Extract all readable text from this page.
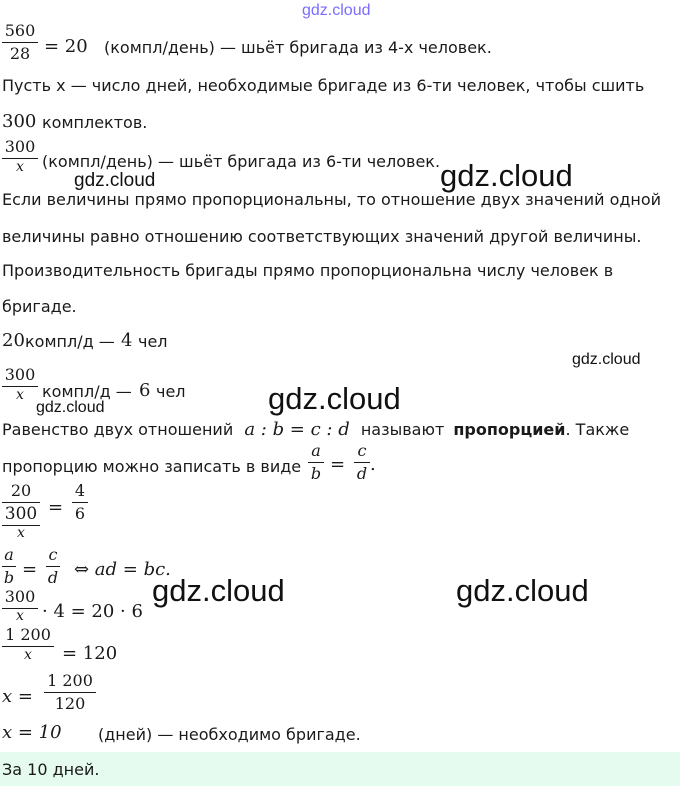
gdz.cloud
560
28 = 20 (компл/день) — шьёт бригада из 4-х человек.
Пусть x — число дней, необходимые бригаде из 6-ти человек, чтобы сшить
300 комплектов.
300
x	(компл/день) — шьёт бригада из 6-ти человек.
gdz.cloud	gdz.cloud
Если величины прямо пропорциональны, то отношение двух значений одной
величины равно отношению соответствующих значений другой величины.
Производительность бригады прямо пропорциональна числу человек в
бригаде.
20 компл/д — 4 чел
gdz.cloud
300
x	компл/д — 6 чел
gdz.cloud	gdz.cloud
Равенство двух отношений a : b = c : d называют пропорцией. Также
пропорцию можно записать в виде
a
b =
c
d .
20
300
x
=
4
6
a
b =
c
d ⇔ ad = bc.
gdz.cloud	gdz.cloud
300
x	· 4 = 20 · 6
1 200
x	= 120
x =
1 200
120
x = 10 (дней) — необходимо бригаде.
За 10 дней.
